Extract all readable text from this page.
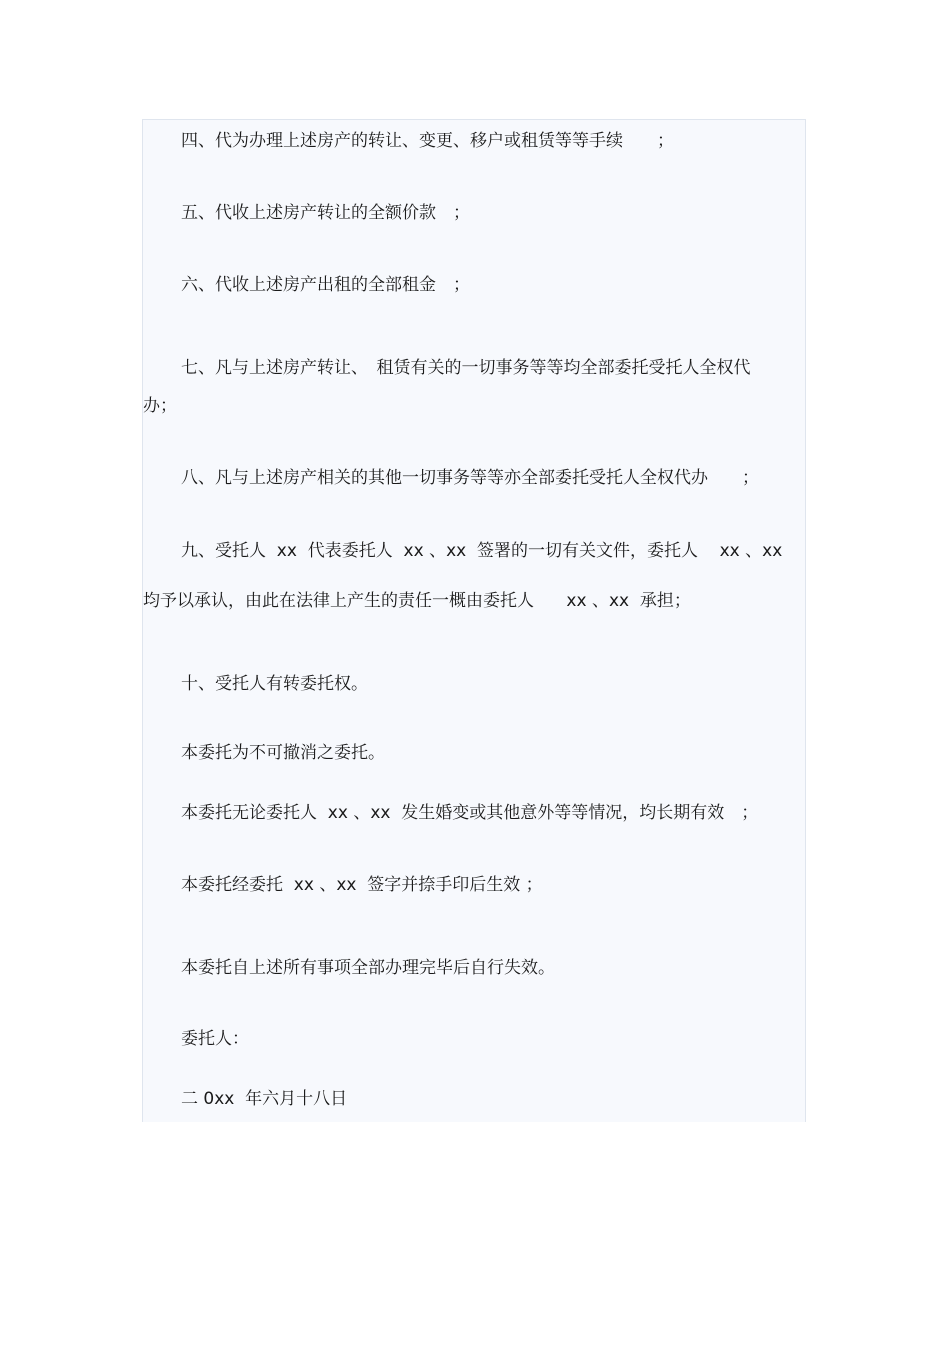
四、代为办理上述房产的转让、变更、移户或租赁等等手续　　；

五、代收上述房产转让的全额价款　；

六、代收上述房产出租的全部租金　；

七、凡与上述房产转让、　租赁有关的一切事务等等均全部委托受托人全权代

办；

八、凡与上述房产相关的其他一切事务等等亦全部委托受托人全权代办　　；

九、受托人  xx  代表委托人  xx 、xx  签署的一切有关文件，委托人    xx 、xx

均予以承认，由此在法律上产生的责任一概由委托人      xx 、xx  承担；

十、受托人有转委托权。

本委托为不可撤消之委托。

本委托无论委托人  xx 、xx  发生婚变或其他意外等等情况，均长期有效　；

本委托经委托  xx 、xx  签字并捺手印后生效 ；

本委托自上述所有事项全部办理完毕后自行失效。

委托人：

二 0xx  年六月十八日
